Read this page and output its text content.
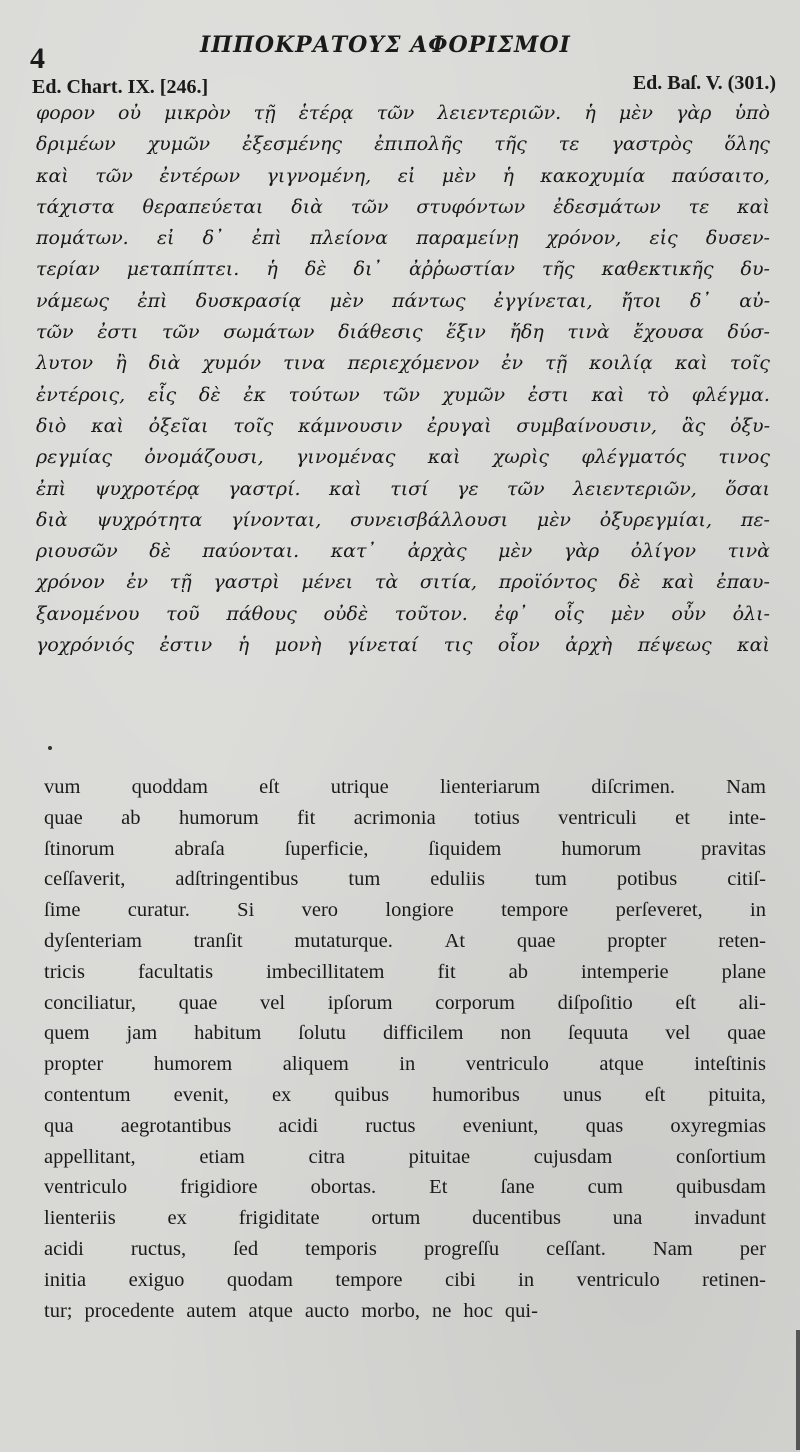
4	ΙΠΠΟΚΡΑΤΟΥΣ ΑΦΟΡΙΣΜΟΙ
Ed. Chart. IX. [246.]	Ed. Baſ. V. (301.)
φορον οὐ μικρὸν τῇ ἑτέρᾳ τῶν λειεντεριῶν. ἡ μὲν γὰρ ὑπὸ
δριμέων χυμῶν ἐξεσμένης ἐπιπολῆς τῆς τε γαστρὸς ὅλης
καὶ τῶν ἐντέρων γιγνομένη, εἰ μὲν ἡ κακοχυμία παύσαιτο,
τάχιστα θεραπεύεται διὰ τῶν στυφόντων ἐδεσμάτων τε καὶ
πομάτων. εἰ δ᾽ ἐπὶ πλείονα παραμείνῃ χρόνον, εἰς δυσεν-
τερίαν μεταπίπτει. ἡ δὲ δι᾽ ἀῤῥωστίαν τῆς καθεκτικῆς δυ-
νάμεως ἐπὶ δυσκρασίᾳ μὲν πάντως ἐγγίνεται, ἤτοι δ᾽ αὐ-
τῶν ἐστι τῶν σωμάτων διάθεσις ἕξιν ἤδη τινὰ ἔχουσα δύσ-
λυτον ἢ διὰ χυμόν τινα περιεχόμενον ἐν τῇ κοιλίᾳ καὶ τοῖς
ἐντέροις, εἷς δὲ ἐκ τούτων τῶν χυμῶν ἐστι καὶ τὸ φλέγμα.
διὸ καὶ ὀξεῖαι τοῖς κάμνουσιν ἐρυγαὶ συμβαίνουσιν, ἃς ὀξυ-
ρεγμίας ὀνομάζουσι, γινομένας καὶ χωρὶς φλέγματός τινος
ἐπὶ ψυχροτέρᾳ γαστρί. καὶ τισί γε τῶν λειεντεριῶν, ὅσαι
διὰ ψυχρότητα γίνονται, συνεισβάλλουσι μὲν ὀξυρεγμίαι, πε-
ριουσῶν δὲ παύονται. κατ᾽ ἀρχὰς μὲν γὰρ ὀλίγον τινὰ
χρόνον ἐν τῇ γαστρὶ μένει τὰ σιτία, προϊόντος δὲ καὶ ἐπαυ-
ξανομένου τοῦ πάθους οὐδὲ τοῦτον. ἐφ᾽ οἷς μὲν οὖν ὀλι-
γοχρόνιός ἐστιν ἡ μονὴ γίνεταί τις οἷον ἀρχὴ πέψεως καὶ
vum quoddam eſt utrique lienteriarum diſcrimen. Nam
quae ab humorum fit acrimonia totius ventriculi et inte-
ſtinorum	abraſa	ſuperficie,	ſiquidem	humorum	pravitas
ceſſaverit, adſtringentibus tum eduliis tum potibus citiſ-
ſime curatur. Si vero longiore tempore perſeveret, in
dyſenteriam	tranſit	mutaturque.	At	quae	propter	reten-
tricis	facultatis	imbecillitatem	fit	ab	intemperie	plane
conciliatur, quae vel ipſorum corporum diſpoſitio eſt ali-
quem jam habitum ſolutu difficilem non ſequuta vel quae
propter humorem aliquem in ventriculo atque inteſtinis
contentum evenit, ex quibus humoribus unus eſt pituita,
qua aegrotantibus acidi ructus eveniunt, quas oxyregmias
appellitant,	etiam	citra	pituitae	cujusdam	conſortium
ventriculo	frigidiore	obortas.	Et	ſane	cum	quibusdam
lienteriis	ex	frigiditate	ortum	ducentibus	una	invadunt
acidi ructus, ſed temporis progreſſu ceſſant. Nam per
initia exiguo quodam tempore cibi in ventriculo retinen-
tur; procedente autem atque aucto morbo, ne hoc qui-
